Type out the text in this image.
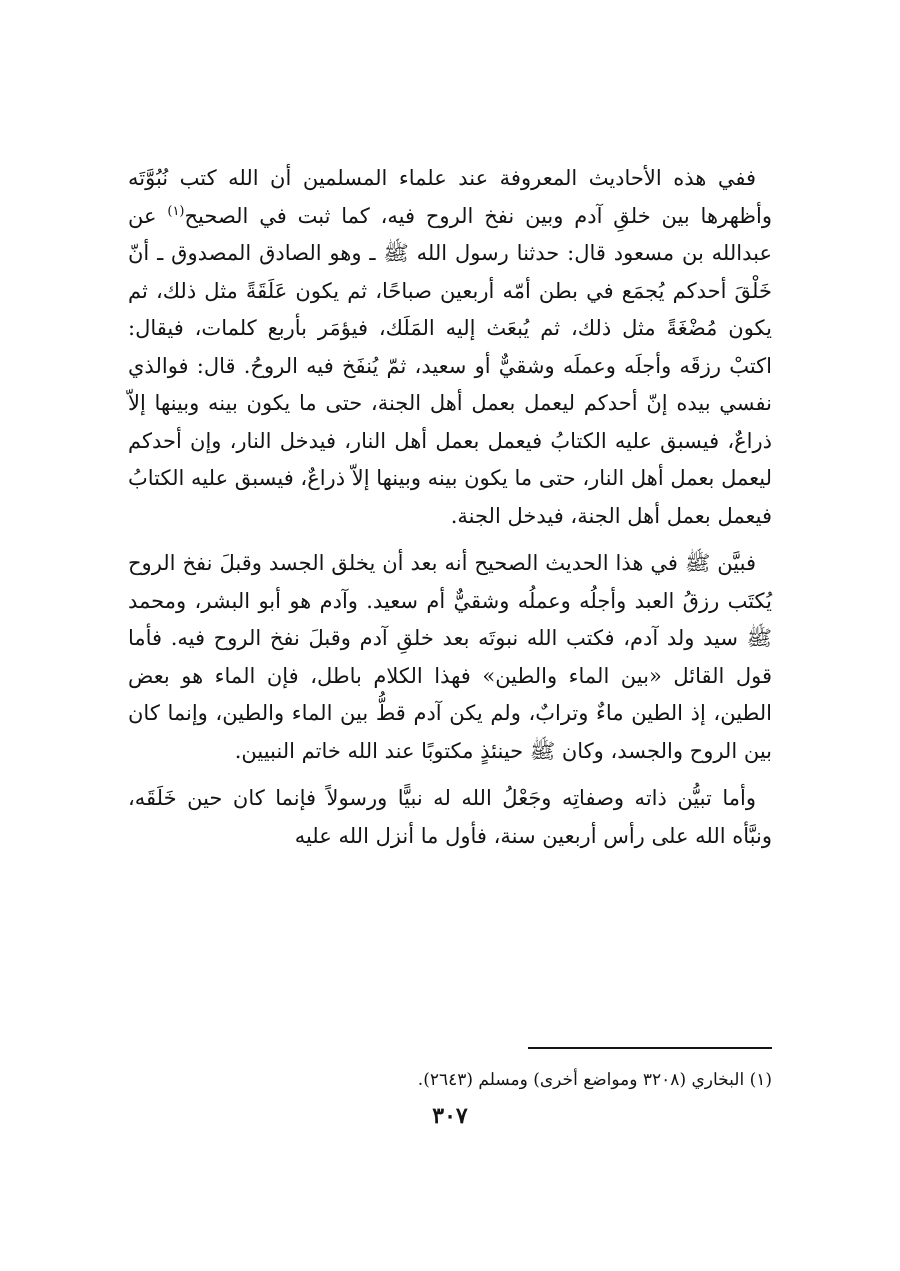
ففي هذه الأحاديث المعروفة عند علماء المسلمين أن الله كتب نُبُوَّتَه وأظهرها بين خلقِ آدم وبين نفخ الروح فيه، كما ثبت في الصحيح$^{(١)}$ عن عبدالله بن مسعود قال: حدثنا رسول الله ﷺ ـ وهو الصادق المصدوق ـ أنّ خَلْقَ أحدكم يُجمَع في بطن أمّه أربعين صباحًا، ثم يكون عَلَقَةً مثل ذلك، ثم يكون مُضْغَةً مثل ذلك، ثم يُبعَث إليه المَلَك، فيؤمَر بأربع كلمات، فيقال: اكتبْ رزقَه وأجلَه وعملَه وشقيٌّ أو سعيد، ثمّ يُنفَخ فيه الروحُ. قال: فوالذي نفسي بيده إنّ أحدكم ليعمل بعمل أهل الجنة، حتى ما يكون بينه وبينها إلاّ ذراعٌ، فيسبق عليه الكتابُ فيعمل بعمل أهل النار، فيدخل النار، وإن أحدكم ليعمل بعمل أهل النار، حتى ما يكون بينه وبينها إلاّ ذراعٌ، فيسبق عليه الكتابُ فيعمل بعمل أهل الجنة، فيدخل الجنة.

فبيَّن ﷺ في هذا الحديث الصحيح أنه بعد أن يخلق الجسد وقبلَ نفخ الروح يُكتَب رزقُ العبد وأجلُه وعملُه وشقيٌّ أم سعيد. وآدم هو أبو البشر، ومحمد ﷺ سيد ولد آدم، فكتب الله نبوتَه بعد خلقِ آدم وقبلَ نفخ الروح فيه. فأما قول القائل «بين الماء والطين» فهذا الكلام باطل، فإن الماء هو بعض الطين، إذ الطين ماءٌ وترابٌ، ولم يكن آدم قطُّ بين الماء والطين، وإنما كان بين الروح والجسد، وكان ﷺ حينئذٍ مكتوبًا عند الله خاتم النبيين.

وأما تبيُّن ذاته وصفاتِه وجَعْلُ الله له نبيًّا ورسولاً فإنما كان حين خَلَقَه، ونبَّأه الله على رأس أربعين سنة، فأول ما أنزل الله عليه

(١) البخاري (٣٢٠٨ ومواضع أخرى) ومسلم (٢٦٤٣).
٣٠٧
